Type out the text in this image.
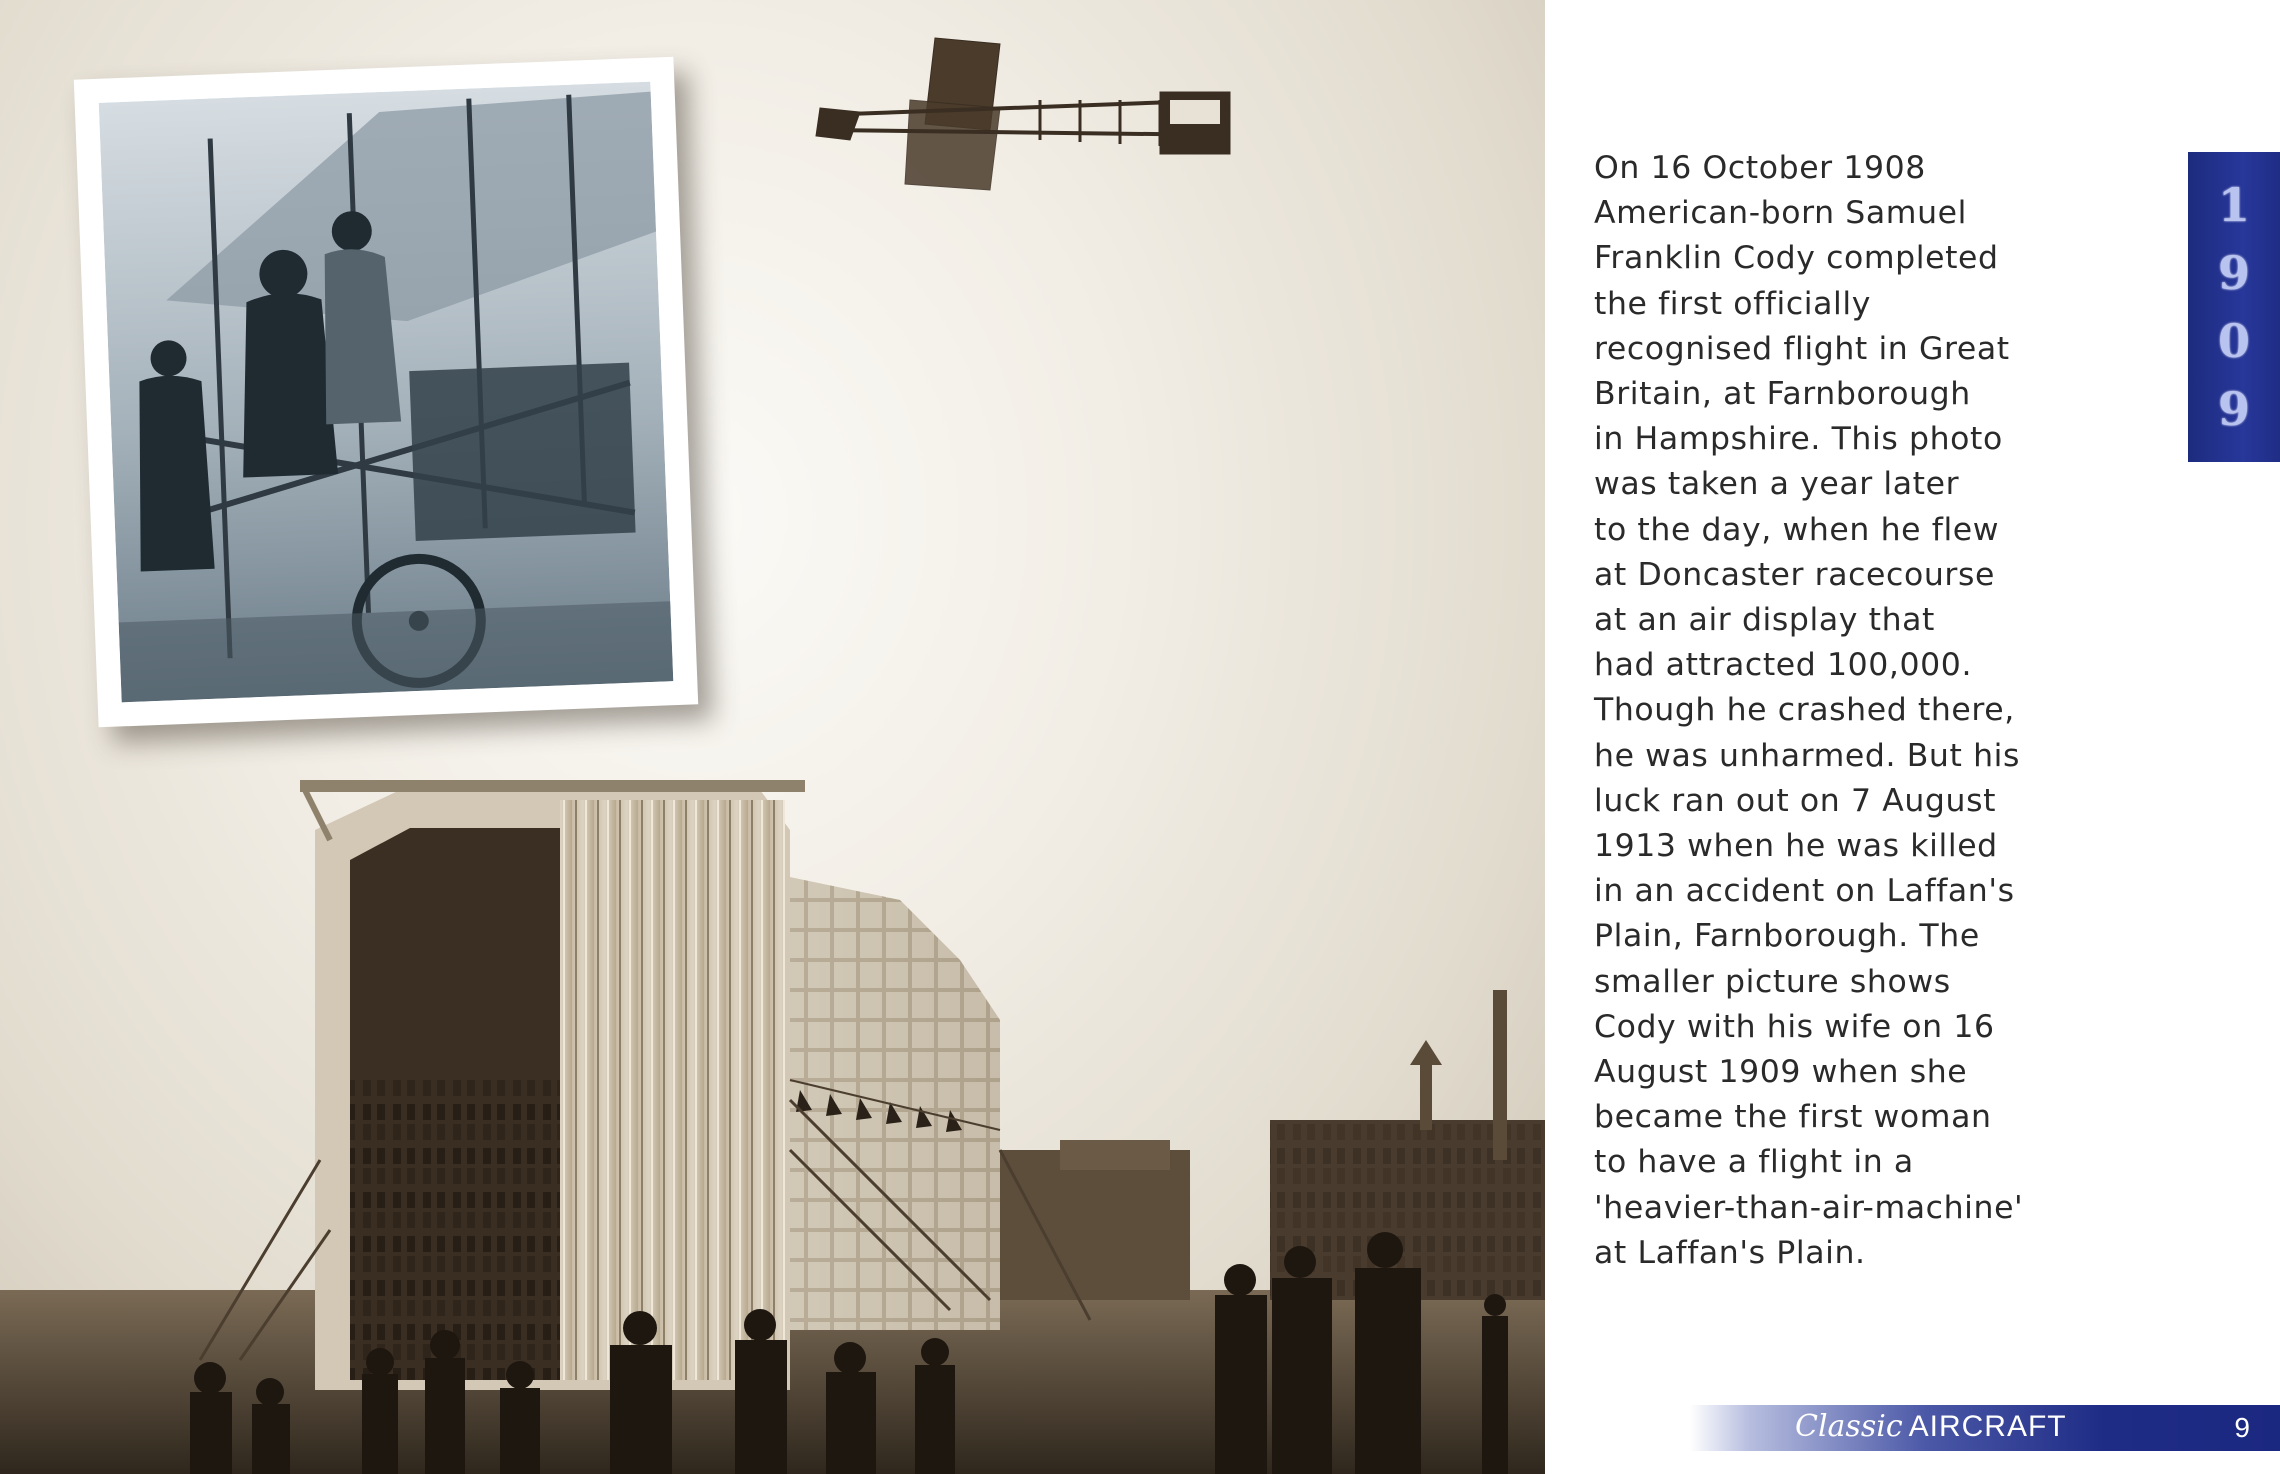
On 16 October 1908
American-born Samuel
Franklin Cody completed
the first officially
recognised flight in Great
Britain, at Farnborough
in Hampshire. This photo
was taken a year later
to the day, when he flew
at Doncaster racecourse
at an air display that
had attracted 100,000.
Though he crashed there,
he was unharmed. But his
luck ran out on 7 August
1913 when he was killed
in an accident on Laffan's
Plain, Farnborough. The
smaller picture shows
Cody with his wife on 16
August 1909 when she
became the first woman
to have a flight in a
'heavier-than-air-machine'
at Laffan's Plain.

1
9
0
9
Classic AIRCRAFT	9
